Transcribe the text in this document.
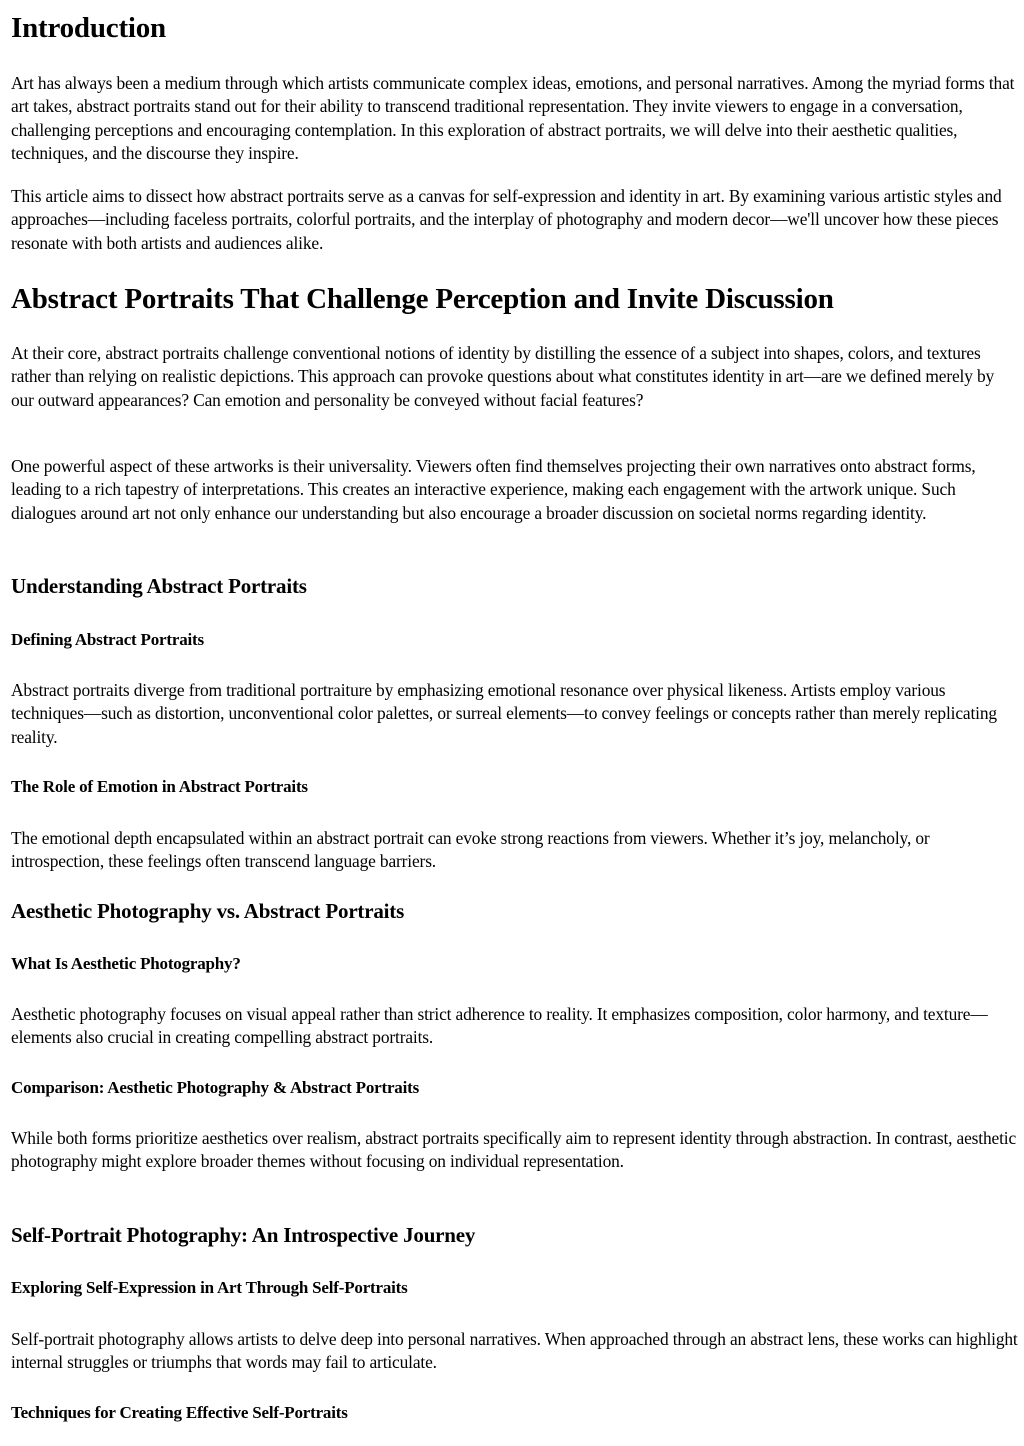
Introduction

Art has always been a medium through which artists communicate complex ideas, emotions, and personal narratives. Among the myriad forms that art takes, abstract portraits stand out for their ability to transcend traditional representation. They invite viewers to engage in a conversation, challenging perceptions and encouraging contemplation. In this exploration of abstract portraits, we will delve into their aesthetic qualities, techniques, and the discourse they inspire.

This article aims to dissect how abstract portraits serve as a canvas for self-expression and identity in art. By examining various artistic styles and approaches—including faceless portraits, colorful portraits, and the interplay of photography and modern decor—we'll uncover how these pieces resonate with both artists and audiences alike.

Abstract Portraits That Challenge Perception and Invite Discussion

At their core, abstract portraits challenge conventional notions of identity by distilling the essence of a subject into shapes, colors, and textures rather than relying on realistic depictions. This approach can provoke questions about what constitutes identity in art—are we defined merely by our outward appearances? Can emotion and personality be conveyed without facial features?

One powerful aspect of these artworks is their universality. Viewers often find themselves projecting their own narratives onto abstract forms, leading to a rich tapestry of interpretations. This creates an interactive experience, making each engagement with the artwork unique. Such dialogues around art not only enhance our understanding but also encourage a broader discussion on societal norms regarding identity.

Understanding Abstract Portraits
Defining Abstract Portraits

Abstract portraits diverge from traditional portraiture by emphasizing emotional resonance over physical likeness. Artists employ various techniques—such as distortion, unconventional color palettes, or surreal elements—to convey feelings or concepts rather than merely replicating reality.

The Role of Emotion in Abstract Portraits

The emotional depth encapsulated within an abstract portrait can evoke strong reactions from viewers. Whether it’s joy, melancholy, or introspection, these feelings often transcend language barriers.

Aesthetic Photography vs. Abstract Portraits
What Is Aesthetic Photography?

Aesthetic photography focuses on visual appeal rather than strict adherence to reality. It emphasizes composition, color harmony, and texture—elements also crucial in creating compelling abstract portraits.

Comparison: Aesthetic Photography & Abstract Portraits

While both forms prioritize aesthetics over realism, abstract portraits specifically aim to represent identity through abstraction. In contrast, aesthetic photography might explore broader themes without focusing on individual representation.

Self-Portrait Photography: An Introspective Journey
Exploring Self-Expression in Art Through Self-Portraits

Self-portrait photography allows artists to delve deep into personal narratives. When approached through an abstract lens, these works can highlight internal struggles or triumphs that words may fail to articulate.

Techniques for Creating Effective Self-Portraits
